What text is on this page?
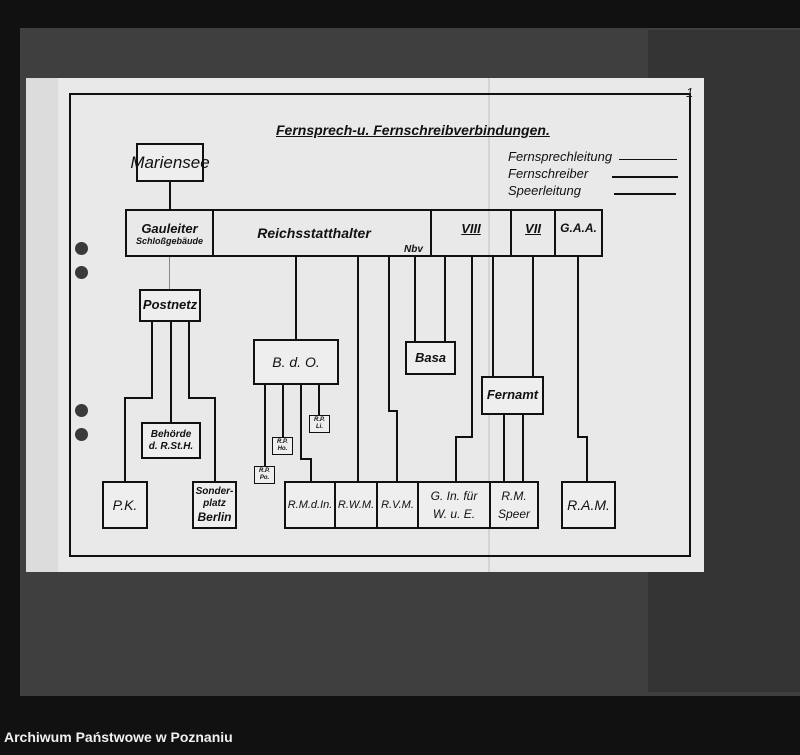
1
Fernsprech-u. Fernschreibverbindungen.
Fernsprechleitung
Fernschreiber
Speerleitung
Mariensee
Gauleiter
Schloßgebäude	Reichsstatthalter
Nbv
VIII	VII G.A.A.
Postnetz
B. d. O.	Basa
Fernamt
Behörde
d. R.St.H.
R.P.
Li.
R.P.
Ho.
R.P.
Po.
P.K.
Sonder-
platz
Berlin
R.M.d.In. R.W.M. R.V.M.
G. In. für
W. u. E.
R.M.
Speer
R.A.M.
Archiwum Państwowe w Poznaniu
